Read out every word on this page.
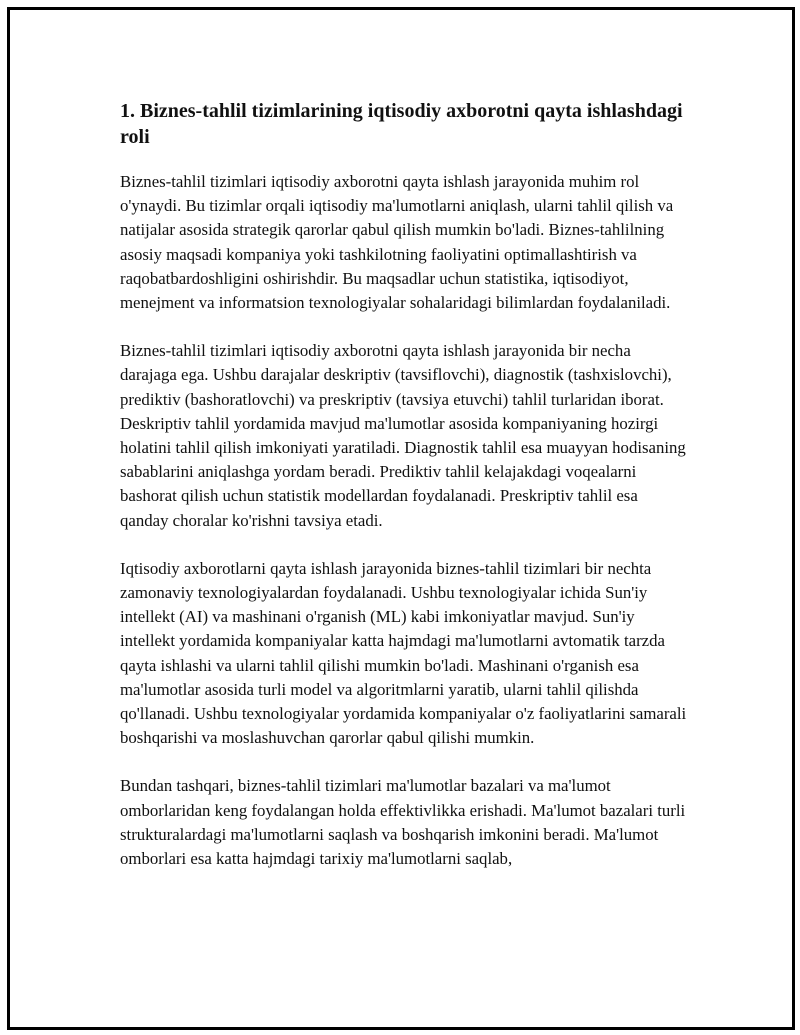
1. Biznes-tahlil tizimlarining iqtisodiy axborotni qayta ishlashdagi roli

Biznes-tahlil tizimlari iqtisodiy axborotni qayta ishlash jarayonida muhim rol o'ynaydi. Bu tizimlar orqali iqtisodiy ma'lumotlarni aniqlash, ularni tahlil qilish va natijalar asosida strategik qarorlar qabul qilish mumkin bo'ladi. Biznes-tahlilning asosiy maqsadi kompaniya yoki tashkilotning faoliyatini optimallashtirish va raqobatbardoshligini oshirishdir. Bu maqsadlar uchun statistika, iqtisodiyot, menejment va informatsion texnologiyalar sohalaridagi bilimlardan foydalaniladi.

Biznes-tahlil tizimlari iqtisodiy axborotni qayta ishlash jarayonida bir necha darajaga ega. Ushbu darajalar deskriptiv (tavsiflovchi), diagnostik (tashxislovchi), prediktiv (bashoratlovchi) va preskriptiv (tavsiya etuvchi) tahlil turlaridan iborat. Deskriptiv tahlil yordamida mavjud ma'lumotlar asosida kompaniyaning hozirgi holatini tahlil qilish imkoniyati yaratiladi. Diagnostik tahlil esa muayyan hodisaning sabablarini aniqlashga yordam beradi. Prediktiv tahlil kelajakdagi voqealarni bashorat qilish uchun statistik modellardan foydalanadi. Preskriptiv tahlil esa qanday choralar ko'rishni tavsiya etadi.

Iqtisodiy axborotlarni qayta ishlash jarayonida biznes-tahlil tizimlari bir nechta zamonaviy texnologiyalardan foydalanadi. Ushbu texnologiyalar ichida Sun'iy intellekt (AI) va mashinani o'rganish (ML) kabi imkoniyatlar mavjud. Sun'iy intellekt yordamida kompaniyalar katta hajmdagi ma'lumotlarni avtomatik tarzda qayta ishlashi va ularni tahlil qilishi mumkin bo'ladi. Mashinani o'rganish esa ma'lumotlar asosida turli model va algoritmlarni yaratib, ularni tahlil qilishda qo'llanadi. Ushbu texnologiyalar yordamida kompaniyalar o'z faoliyatlarini samarali boshqarishi va moslashuvchan qarorlar qabul qilishi mumkin.

Bundan tashqari, biznes-tahlil tizimlari ma'lumotlar bazalari va ma'lumot omborlaridan keng foydalangan holda effektivlikka erishadi. Ma'lumot bazalari turli strukturalardagi ma'lumotlarni saqlash va boshqarish imkonini beradi. Ma'lumot omborlari esa katta hajmdagi tarixiy ma'lumotlarni saqlab,
